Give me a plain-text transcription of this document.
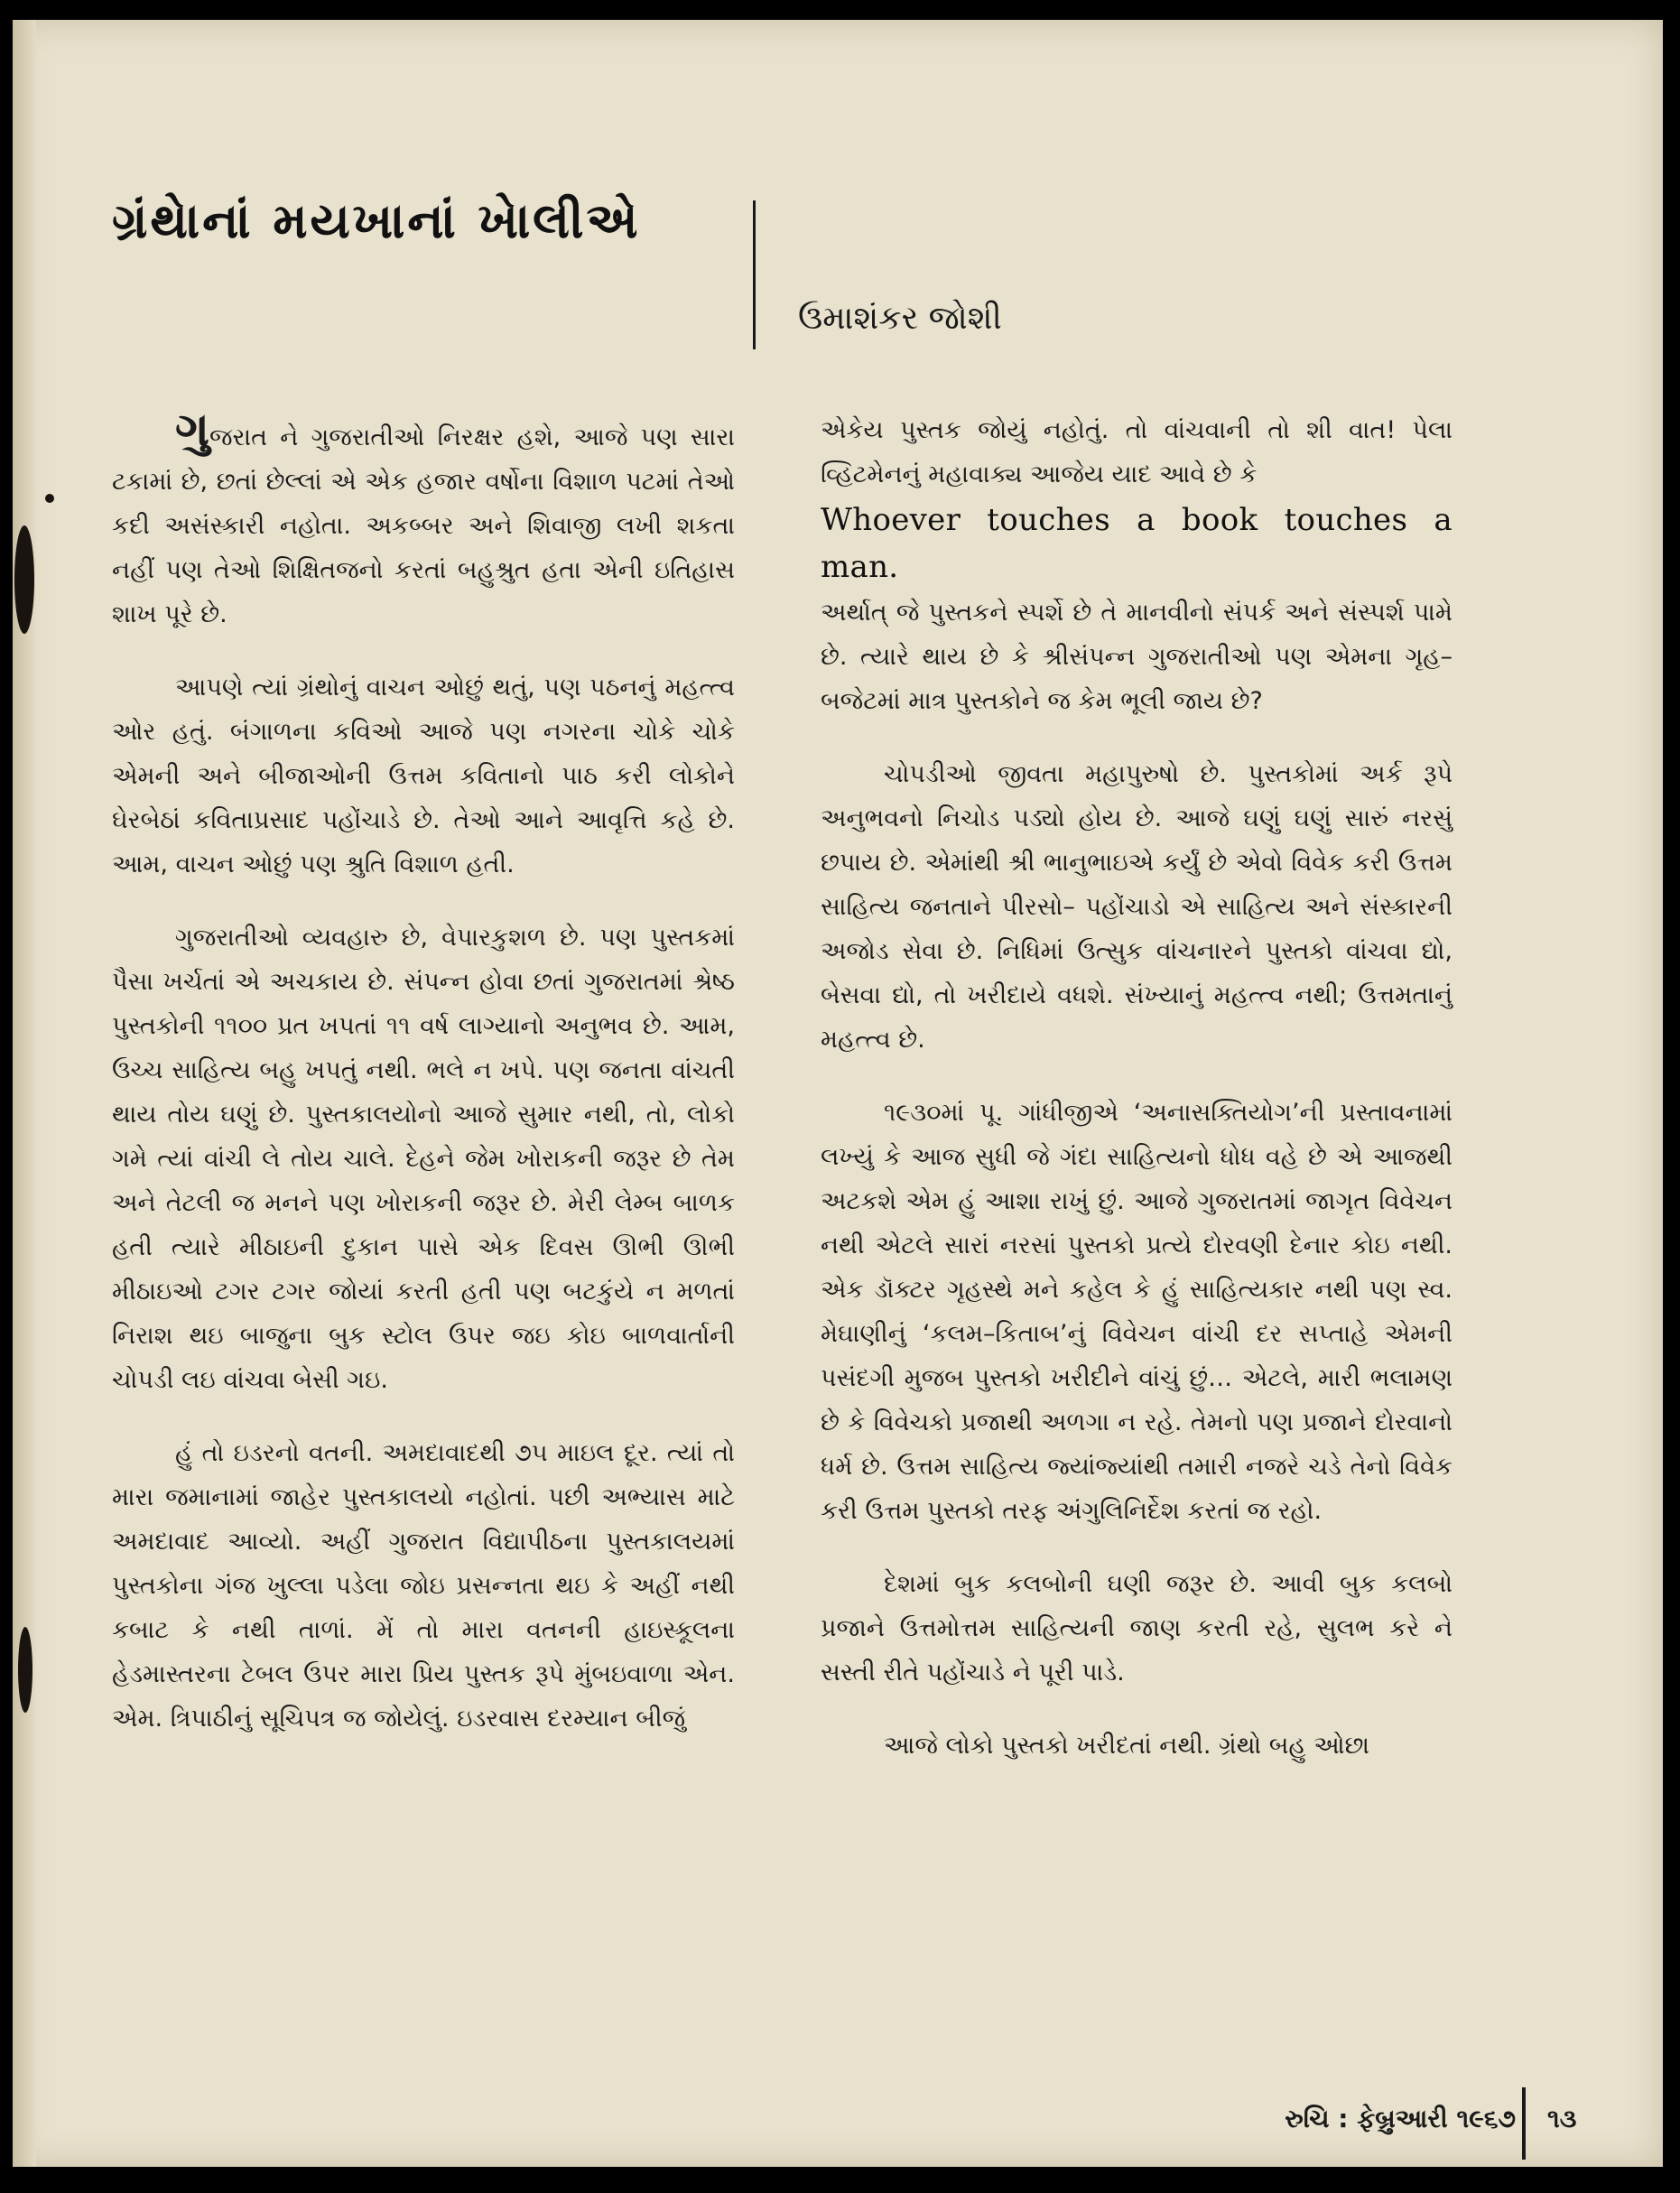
ગ્રંથેાનાં મયખાનાં ખેાલીએ
ઉમાશંકર જોશી

ગુજરાત ને ગુજરાતીઓ નિરક્ષર હશે, આજે પણ સારા ટકામાં છે, છતાં છેલ્લાં એ એક હજાર વર્ષોના વિશાળ પટમાં તેઓ કદી અસંસ્કારી નહોતા. અકબ્બર અને શિવાજી લખી શકતા નહીં પણ તેઓ શિક્ષિતજનો કરતાં બહુશ્રુત હતા એની ઇતિહાસ શાખ પૂરે છે.

આપણે ત્યાં ગ્રંથોનું વાચન ઓછું થતું, પણ પઠનનું મહત્ત્વ ઓર હતું. બંગાળના કવિઓ આજે પણ નગરના ચોકે ચોકે એમની અને બીજાઓની ઉત્તમ કવિતાનો પાઠ કરી લોકોને ઘેરબેઠાં કવિતાપ્રસાદ પહોંચાડે છે. તેઓ આને આવૃત્તિ કહે છે. આમ, વાચન ઓછું પણ શ્રુતિ વિશાળ હતી.

ગુજરાતીઓ વ્યવહારુ છે, વેપારકુશળ છે. પણ પુસ્તકમાં પૈસા ખર્ચતાં એ અચકાય છે. સંપન્ન હોવા છતાં ગુજરાતમાં શ્રેષ્ઠ પુસ્તકોની ૧૧૦૦ પ્રત ખપતાં ૧૧ વર્ષ લાગ્યાનો અનુભવ છે. આમ, ઉચ્ચ સાહિત્ય બહુ ખપતું નથી. ભલે ન ખપે. પણ જનતા વાંચતી થાય તોય ઘણું છે. પુસ્તકાલયોનો આજે સુમાર નથી, તો, લોકો ગમે ત્યાં વાંચી લે તોય ચાલે. દેહને જેમ ખોરાકની જરૂર છે તેમ અને તેટલી જ મનને પણ ખોરાકની જરૂર છે. મેરી લેમ્બ બાળક હતી ત્યારે મીઠાઇની દુકાન પાસે એક દિવસ ઊભી ઊભી મીઠાઇઓ ટગર ટગર જોયાં કરતી હતી પણ બટકુંયે ન મળતાં નિરાશ થઇ બાજુના બુક સ્ટોલ ઉપર જઇ કોઇ બાળવાર્તાની ચોપડી લઇ વાંચવા બેસી ગઇ.

હું તો ઇડરનો વતની. અમદાવાદથી ૭૫ માઇલ દૂર. ત્યાં તો મારા જમાનામાં જાહેર પુસ્તકાલયો નહોતાં. પછી અભ્યાસ માટે અમદાવાદ આવ્યો. અહીં ગુજરાત વિદ્યાપીઠના પુસ્તકાલયમાં પુસ્તકોના ગંજ ખુલ્લા પડેલા જોઇ પ્રસન્નતા થઇ કે અહીં નથી કબાટ કે નથી તાળાં. મેં તો મારા વતનની હાઇસ્કૂલના હેડમાસ્તરના ટેબલ ઉપર મારા પ્રિય પુસ્તક રૂપે મુંબઇવાળા એન. એમ. ત્રિપાઠીનું સૂચિપત્ર જ જોયેલું. ઇડરવાસ દરમ્યાન બીજું

એકેય પુસ્તક જોયું નહોતું. તો વાંચવાની તો શી વાત! પેલા વ્હિટમેનનું મહાવાક્ય આજેય યાદ આવે છે કે
Whoever touches a book touches a man.
અર્થાત્ જે પુસ્તકને સ્પર્શે છે તે માનવીનો સંપર્ક અને સંસ્પર્શ પામે છે. ત્યારે થાય છે કે શ્રીસંપન્ન ગુજરાતીઓ પણ એમના ગૃહ–બજેટમાં માત્ર પુસ્તકોને જ કેમ ભૂલી જાય છે?

ચોપડીઓ જીવતા મહાપુરુષો છે. પુસ્તકોમાં અર્ક રૂપે અનુભવનો નિચોડ પડ્યો હોય છે. આજે ઘણું ઘણું સારું નરસું છપાય છે. એમાંથી શ્રી ભાનુભાઇએ કર્યું છે એવો વિવેક કરી ઉત્તમ સાહિત્ય જનતાને પીરસો– પહોંચાડો એ સાહિત્ય અને સંસ્કારની અજોડ સેવા છે. નિધિમાં ઉત્સુક વાંચનારને પુસ્તકો વાંચવા દ્યો, બેસવા દ્યો, તો ખરીદાયે વધશે. સંખ્યાનું મહત્ત્વ નથી; ઉત્તમતાનું મહત્ત્વ છે.

૧૯૩૦માં પૂ. ગાંધીજીએ ‘અનાસક્તિયોગ’ની પ્રસ્તાવનામાં લખ્યું કે આજ સુધી જે ગંદા સાહિત્યનો ધોધ વહે છે એ આજથી અટકશે એમ હું આશા રાખું છું. આજે ગુજરાતમાં જાગૃત વિવેચન નથી એટલે સારાં નરસાં પુસ્તકો પ્રત્યે દોરવણી દેનાર કોઇ નથી. એક ડૉક્ટર ગૃહસ્થે મને કહેલ કે હું સાહિત્યકાર નથી પણ સ્વ. મેઘાણીનું ‘કલમ–કિતાબ’નું વિવેચન વાંચી દર સપ્તાહે એમની પસંદગી મુજબ પુસ્તકો ખરીદીને વાંચું છું… એટલે, મારી ભલામણ છે કે વિવેચકો પ્રજાથી અળગા ન રહે. તેમનો પણ પ્રજાને દોરવાનો ધર્મ છે. ઉત્તમ સાહિત્ય જ્યાંજ્યાંથી તમારી નજરે ચડે તેનો વિવેક કરી ઉત્તમ પુસ્તકો તરફ અંગુલિનિર્દેશ કરતાં જ રહો.

દેશમાં બુક કલબોની ઘણી જરૂર છે. આવી બુક કલબો પ્રજાને ઉત્તમોત્તમ સાહિત્યની જાણ કરતી રહે, સુલભ કરે ને સસ્તી રીતે પહોંચાડે ને પૂરી પાડે.

આજે લોકો પુસ્તકો ખરીદતાં નથી. ગ્રંથો બહુ ઓછા

રુચિ : ફેબ્રુઆરી ૧૯૬૭ ૧૩
